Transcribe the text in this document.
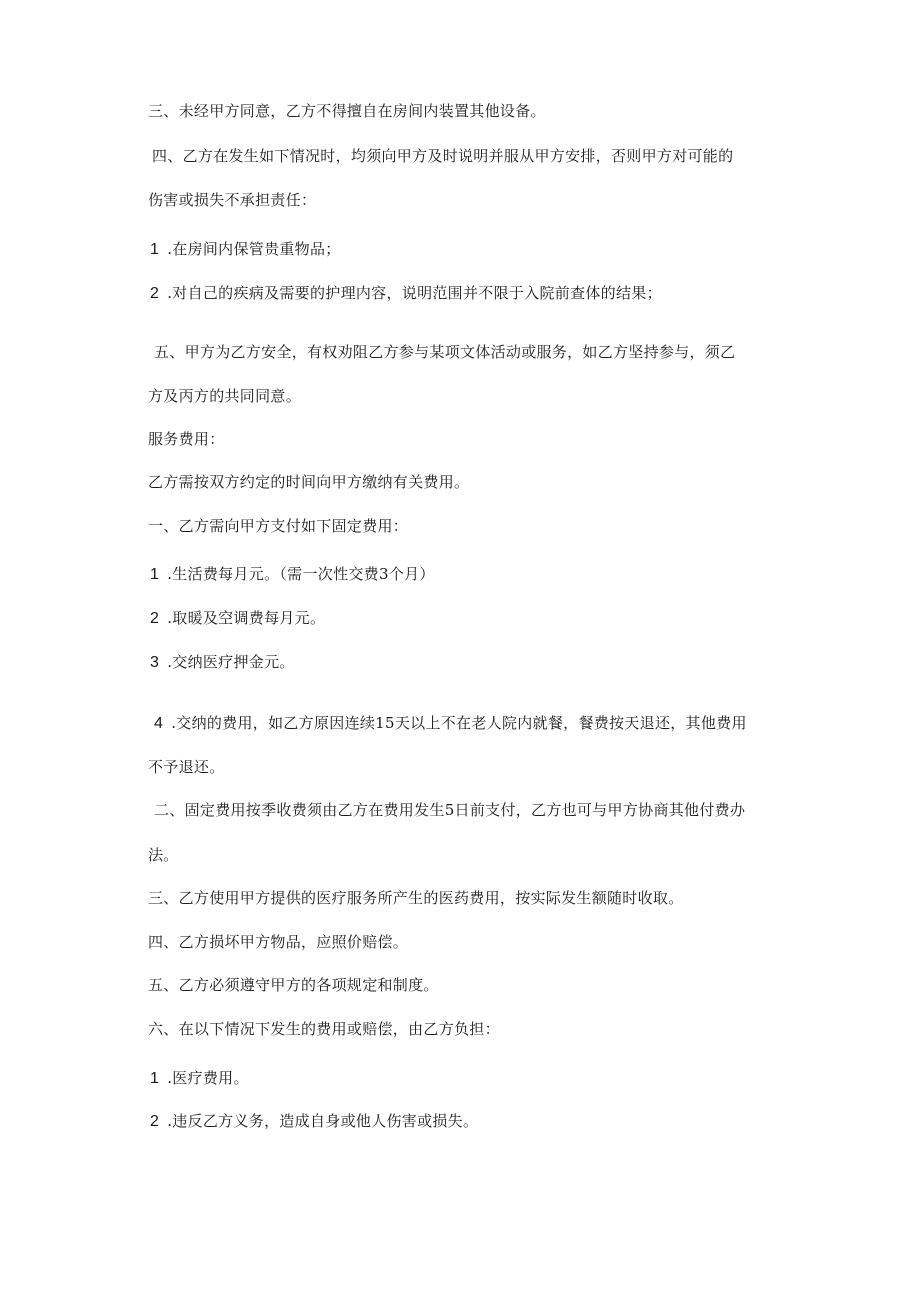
三、未经甲方同意，乙方不得擅自在房间内装置其他设备。
四、乙方在发生如下情况时，均须向甲方及时说明并服从甲方安排，否则甲方对可能的
伤害或损失不承担责任：
1 .在房间内保管贵重物品；
2 .对自己的疾病及需要的护理内容，说明范围并不限于入院前查体的结果；
五、甲方为乙方安全，有权劝阻乙方参与某项文体活动或服务，如乙方坚持参与，须乙
方及丙方的共同同意。
服务费用：
乙方需按双方约定的时间向甲方缴纳有关费用。
一、乙方需向甲方支付如下固定费用：
1 .生活费每月元。（需一次性交费3个月）
2 .取暖及空调费每月元。
3 .交纳医疗押金元。
4 .交纳的费用，如乙方原因连续15天以上不在老人院内就餐，餐费按天退还，其他费用
不予退还。
二、固定费用按季收费须由乙方在费用发生5日前支付，乙方也可与甲方协商其他付费办
法。
三、乙方使用甲方提供的医疗服务所产生的医药费用，按实际发生额随时收取。
四、乙方损坏甲方物品，应照价赔偿。
五、乙方必须遵守甲方的各项规定和制度。
六、在以下情况下发生的费用或赔偿，由乙方负担：
1 .医疗费用。
2 .违反乙方义务，造成自身或他人伤害或损失。
